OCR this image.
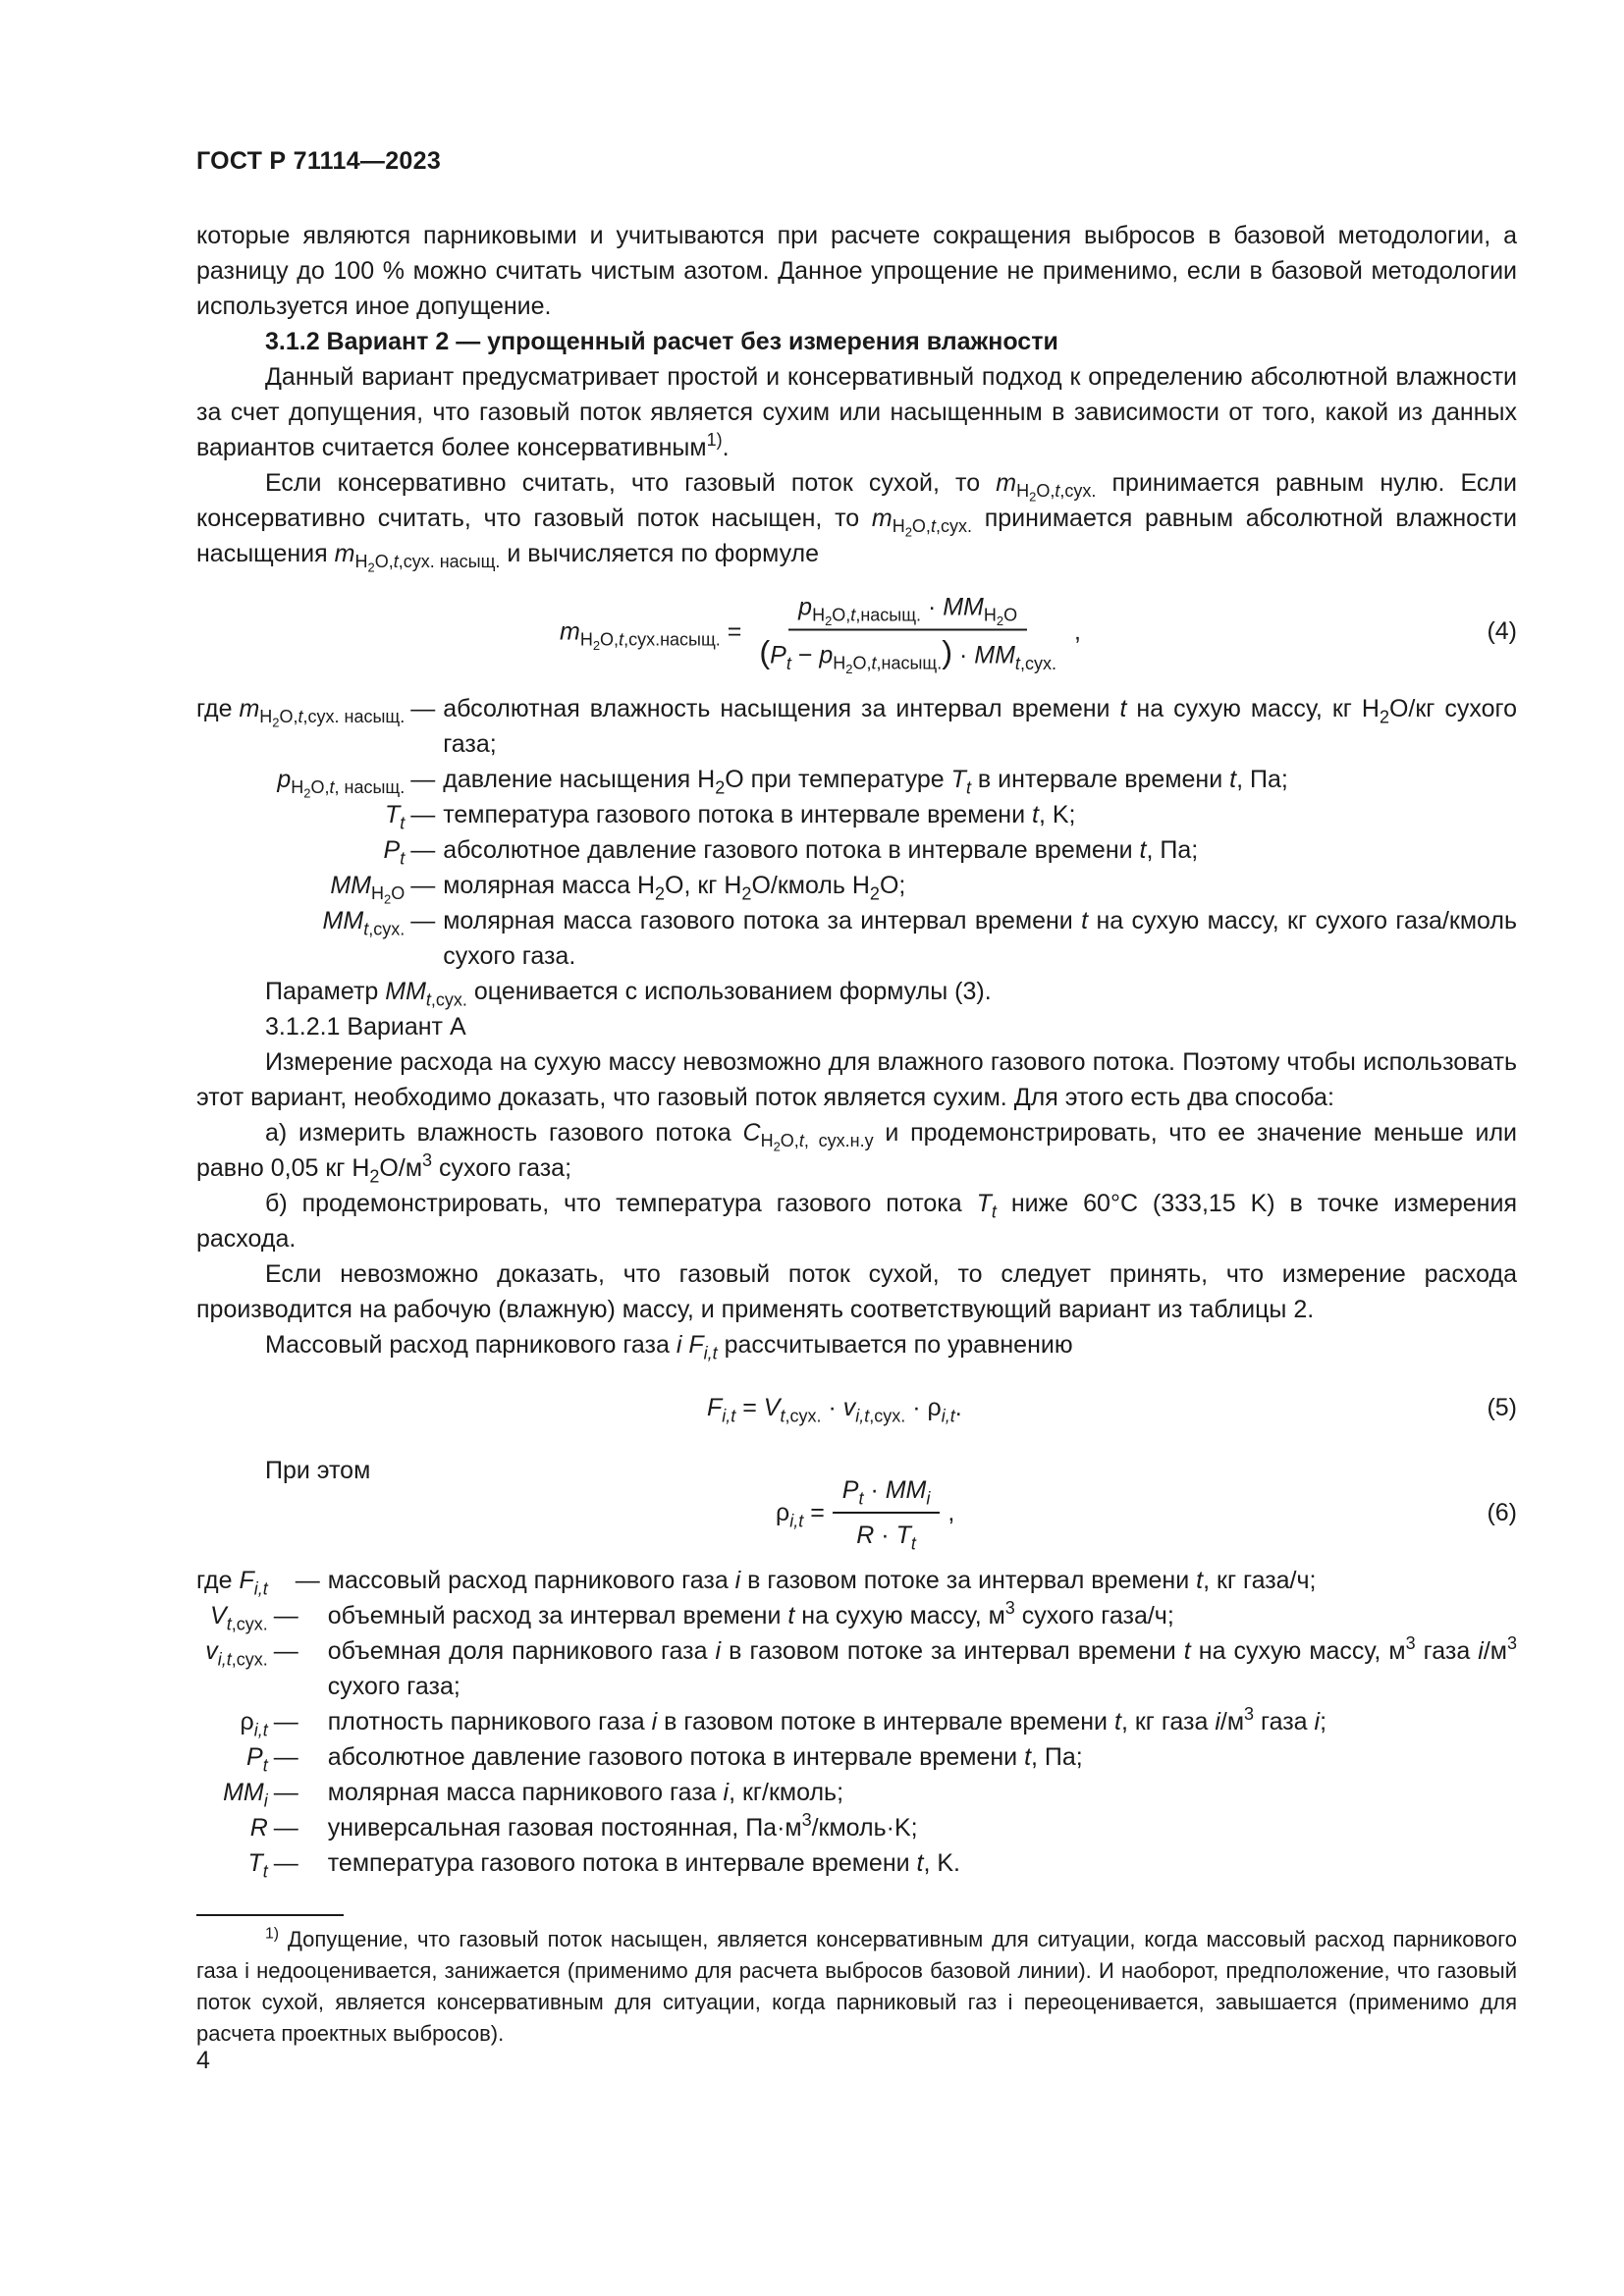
ГОСТ Р 71114—2023

которые являются парниковыми и учитываются при расчете сокращения выбросов в базовой методологии, а разницу до 100 % можно считать чистым азотом. Данное упрощение не применимо, если в базовой методологии используется иное допущение.

3.1.2 Вариант 2 — упрощенный расчет без измерения влажности

Данный вариант предусматривает простой и консервативный подход к определению абсолютной влажности за счет допущения, что газовый поток является сухим или насыщенным в зависимости от того, какой из данных вариантов считается более консервативным$^{1)}$.

Если консервативно считать, что газовый поток сухой, то $m_{H_2O,t,сух.}$ принимается равным нулю. Если консервативно считать, что газовый поток насыщен, то $m_{H_2O,t,сух.}$ принимается равным абсолютной влажности насыщения $m_{H_2O,t,сух. насыщ.}$ и вычисляется по формуле

$m_{H_2O,t,сух.насыщ.} = \frac{p_{H_2O,t,насыщ.} \cdot MM_{H_2O}}{(P_t - p_{H_2O,t,насыщ.}) \cdot MM_{t,сух.}}$ ,	(4)
где $m_{H_2O,t,сух. насыщ.}$	—	абсолютная влажность насыщения за интервал времени t на сухую массу, кг $H_2O/кг$ сухого газа;
$p_{H_2O,t, насыщ.}$	—	давление насыщения $H_2O$ при температуре $T_t$ в интервале времени t, Па;
$T_t$	—	температура газового потока в интервале времени t, K;
$P_t$	—	абсолютное давление газового потока в интервале времени t, Па;
$MM_{H_2O}$	—	молярная масса $H_2O$, кг $H_2O$/кмоль $H_2O$;
$MM_{t,сух.}$	—	молярная масса газового потока за интервал времени t на сухую массу, кг сухого газа/кмоль сухого газа.

Параметр $MM_{t,сух.}$ оценивается с использованием формулы (3).

3.1.2.1 Вариант А

Измерение расхода на сухую массу невозможно для влажного газового потока. Поэтому чтобы использовать этот вариант, необходимо доказать, что газовый поток является сухим. Для этого есть два способа:

а) измерить влажность газового потока $C_{H_2O,t, сух.н.у}$ и продемонстрировать, что ее значение меньше или равно 0,05 кг $H_2O/м^3$ сухого газа;

б) продемонстрировать, что температура газового потока $T_t$ ниже 60°C (333,15 K) в точке измерения расхода.

Если невозможно доказать, что газовый поток сухой, то следует принять, что измерение расхода производится на рабочую (влажную) массу, и применять соответствующий вариант из таблицы 2.

Массовый расход парникового газа i $F_{i,t}$ рассчитывается по уравнению

$F_{i,t} = V_{t,сух.} \cdot v_{i,t,сух.} \cdot \rho_{i,t}$.	(5)

При этом

$\rho_{i,t} = \frac{P_t \cdot MM_i}{R \cdot T_t}$ ,	(6)
где $F_{i,t}$	—	массовый расход парникового газа i в газовом потоке за интервал времени t, кг газа/ч;
$V_{t,сух.}$	—	объемный расход за интервал времени t на сухую массу, $м^3$ сухого газа/ч;
$v_{i,t,сух.}$	—	объемная доля парникового газа i в газовом потоке за интервал времени t на сухую массу, $м^3$ газа $i/м^3$ сухого газа;
$\rho_{i,t}$	—	плотность парникового газа i в газовом потоке в интервале времени t, кг газа $i/м^3$ газа i;
$P_t$	—	абсолютное давление газового потока в интервале времени t, Па;
$MM_i$	—	молярная масса парникового газа i, кг/кмоль;
R	—	универсальная газовая постоянная, $Па\cdot м^3/кмоль\cdot K$;
$T_t$	—	температура газового потока в интервале времени t, K.
$^{1)}$ Допущение, что газовый поток насыщен, является консервативным для ситуации, когда массовый расход парникового газа i недооценивается, занижается (применимо для расчета выбросов базовой линии). И наоборот, предположение, что газовый поток сухой, является консервативным для ситуации, когда парниковый газ i переоценивается, завышается (применимо для расчета проектных выбросов).
4
